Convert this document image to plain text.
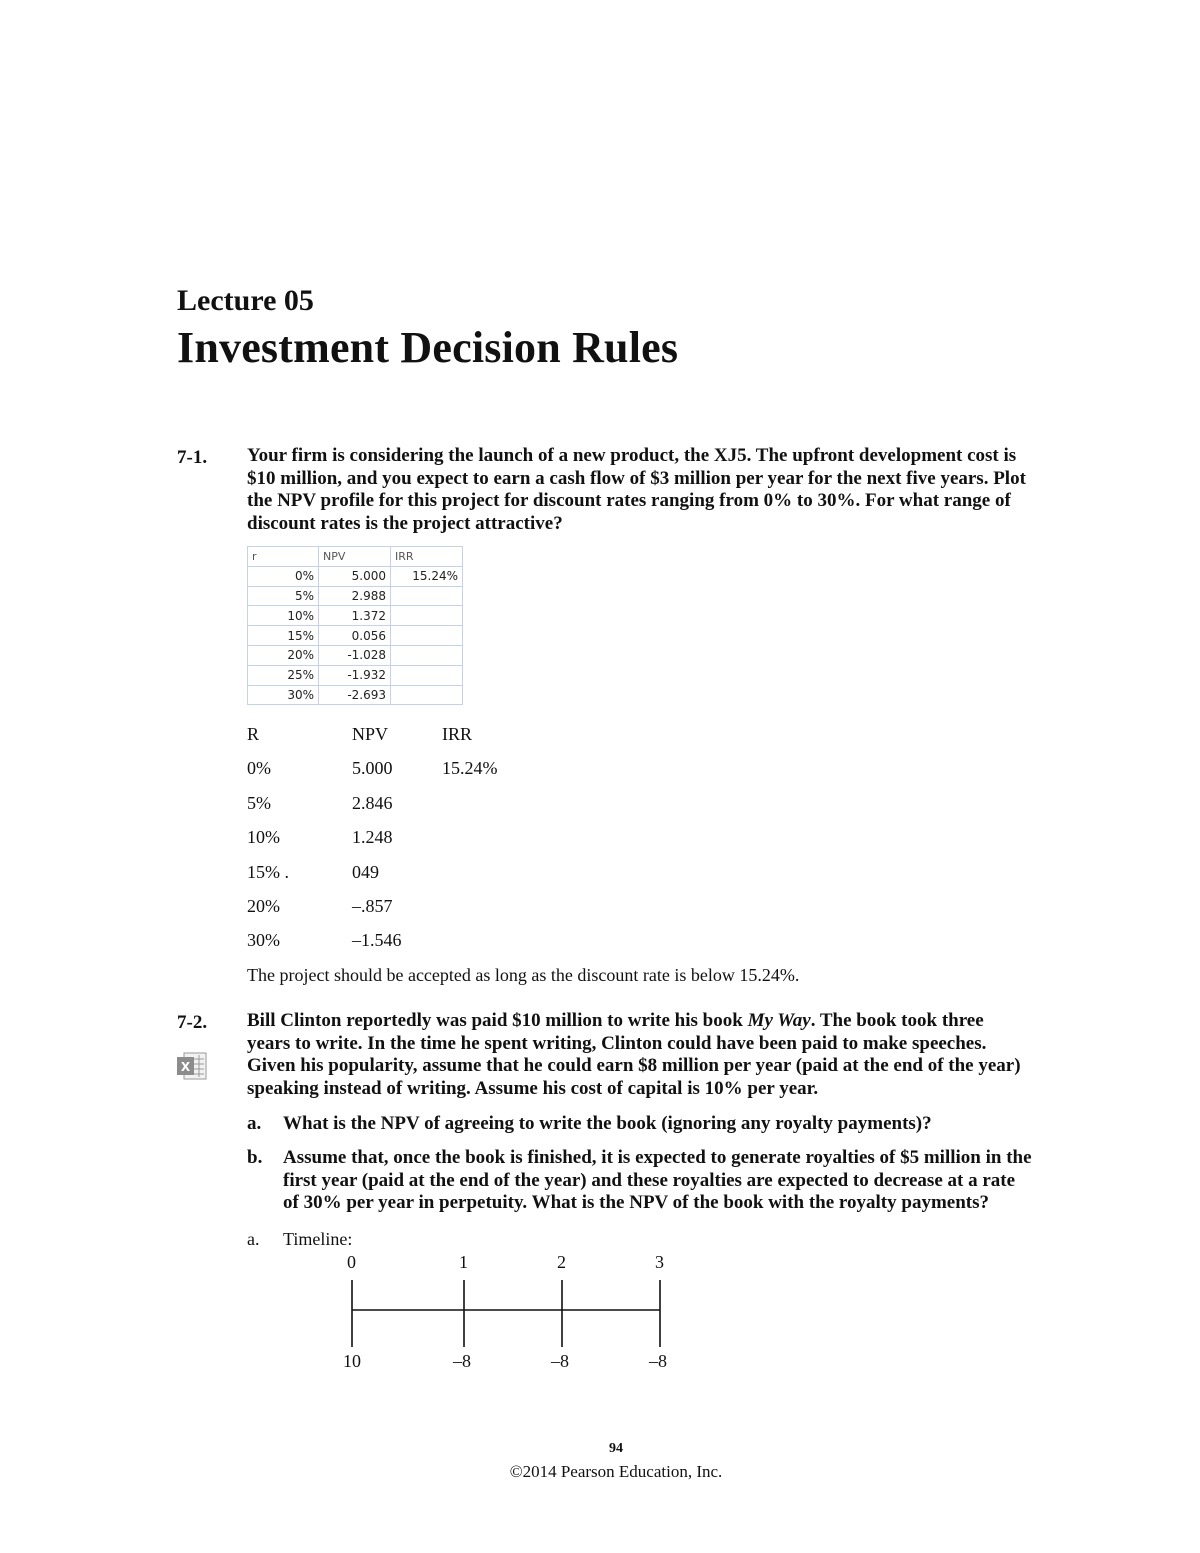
Lecture 05
Investment Decision Rules
7-1. Your firm is considering the launch of a new product, the XJ5. The upfront development cost is
$10 million, and you expect to earn a cash flow of $3 million per year for the next five years. Plot
the NPV profile for this project for discount rates ranging from 0% to 30%. For what range of
discount rates is the project attractive?
r	NPV	IRR
0%	5.000	15.24%
5%	2.988	
10%	1.372	
15%	0.056	
20%	-1.028	
25%	-1.932	
30%	-2.693	
R	NPV	IRR
0%	5.000	15.24%
5%	2.846
10%	1.248
15% .	049
20%	–.857
30%	–1.546
The project should be accepted as long as the discount rate is below 15.24%.
7-2. Bill Clinton reportedly was paid $10 million to write his book My Way. The book took three
years to write. In the time he spent writing, Clinton could have been paid to make speeches.
Given his popularity, assume that he could earn $8 million per year (paid at the end of the year)
speaking instead of writing. Assume his cost of capital is 10% per year.
X
a. What is the NPV of agreeing to write the book (ignoring any royalty payments)?
b. Assume that, once the book is finished, it is expected to generate royalties of $5 million in the
first year (paid at the end of the year) and these royalties are expected to decrease at a rate
of 30% per year in perpetuity. What is the NPV of the book with the royalty payments?
a. Timeline:
0	1	2	3
10	–8	–8	–8
94
©2014 Pearson Education, Inc.
